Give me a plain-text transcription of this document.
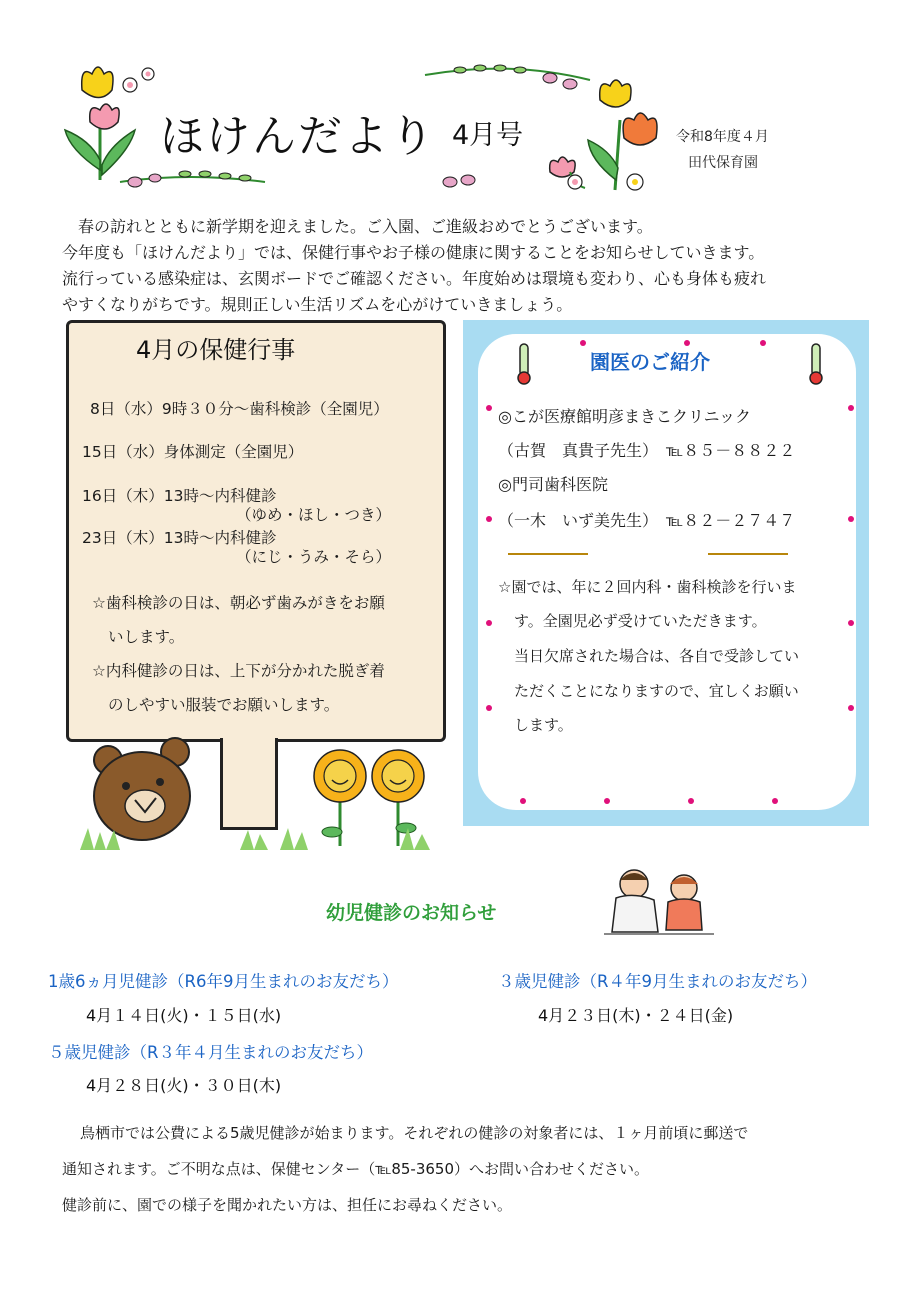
ほけんだより 4月号	令和8年度４月
田代保育園

　春の訪れとともに新学期を迎えました。ご入園、ご進級おめでとうございます。

今年度も「ほけんだより」では、保健行事やお子様の健康に関することをお知らせしていきます。

流行っている感染症は、玄関ボードでご確認ください。年度始めは環境も変わり、心も身体も疲れ

やすくなりがちです。規則正しい生活リズムを心がけていきましょう。

4月の保健行事
8日（水）9時３０分～歯科検診（全園児）
15日（水）身体測定（全園児）
16日（木）13時～内科健診
（ゆめ・ほし・つき）
23日（木）13時～内科健診
（にじ・うみ・そら）
☆歯科検診の日は、朝必ず歯みがきをお願
いします。
☆内科健診の日は、上下が分かれた脱ぎ着
のしやすい服装でお願いします。
園医のご紹介
◎こが医療館明彦まきこクリニック
（古賀　真貴子先生）　℡８５－８８２２
◎門司歯科医院
（一木　いず美先生）　℡８２－２７４７
☆園では、年に２回内科・歯科検診を行いま
す。全園児必ず受けていただきます。
当日欠席された場合は、各自で受診してい
ただくことになりますので、宜しくお願い
します。
幼児健診のお知らせ
1歳6ヵ月児健診（R6年9月生まれのお友だち）
4月１４日(火)・１５日(水)
３歳児健診（R４年9月生まれのお友だち）
4月２３日(木)・２４日(金)
５歳児健診（R３年４月生まれのお友だち）
4月２８日(火)・３０日(木)

鳥栖市では公費による5歳児健診が始まります。それぞれの健診の対象者には、１ヶ月前頃に郵送で

通知されます。ご不明な点は、保健センター（℡85-3650）へお問い合わせください。

健診前に、園での様子を聞かれたい方は、担任にお尋ねください。
